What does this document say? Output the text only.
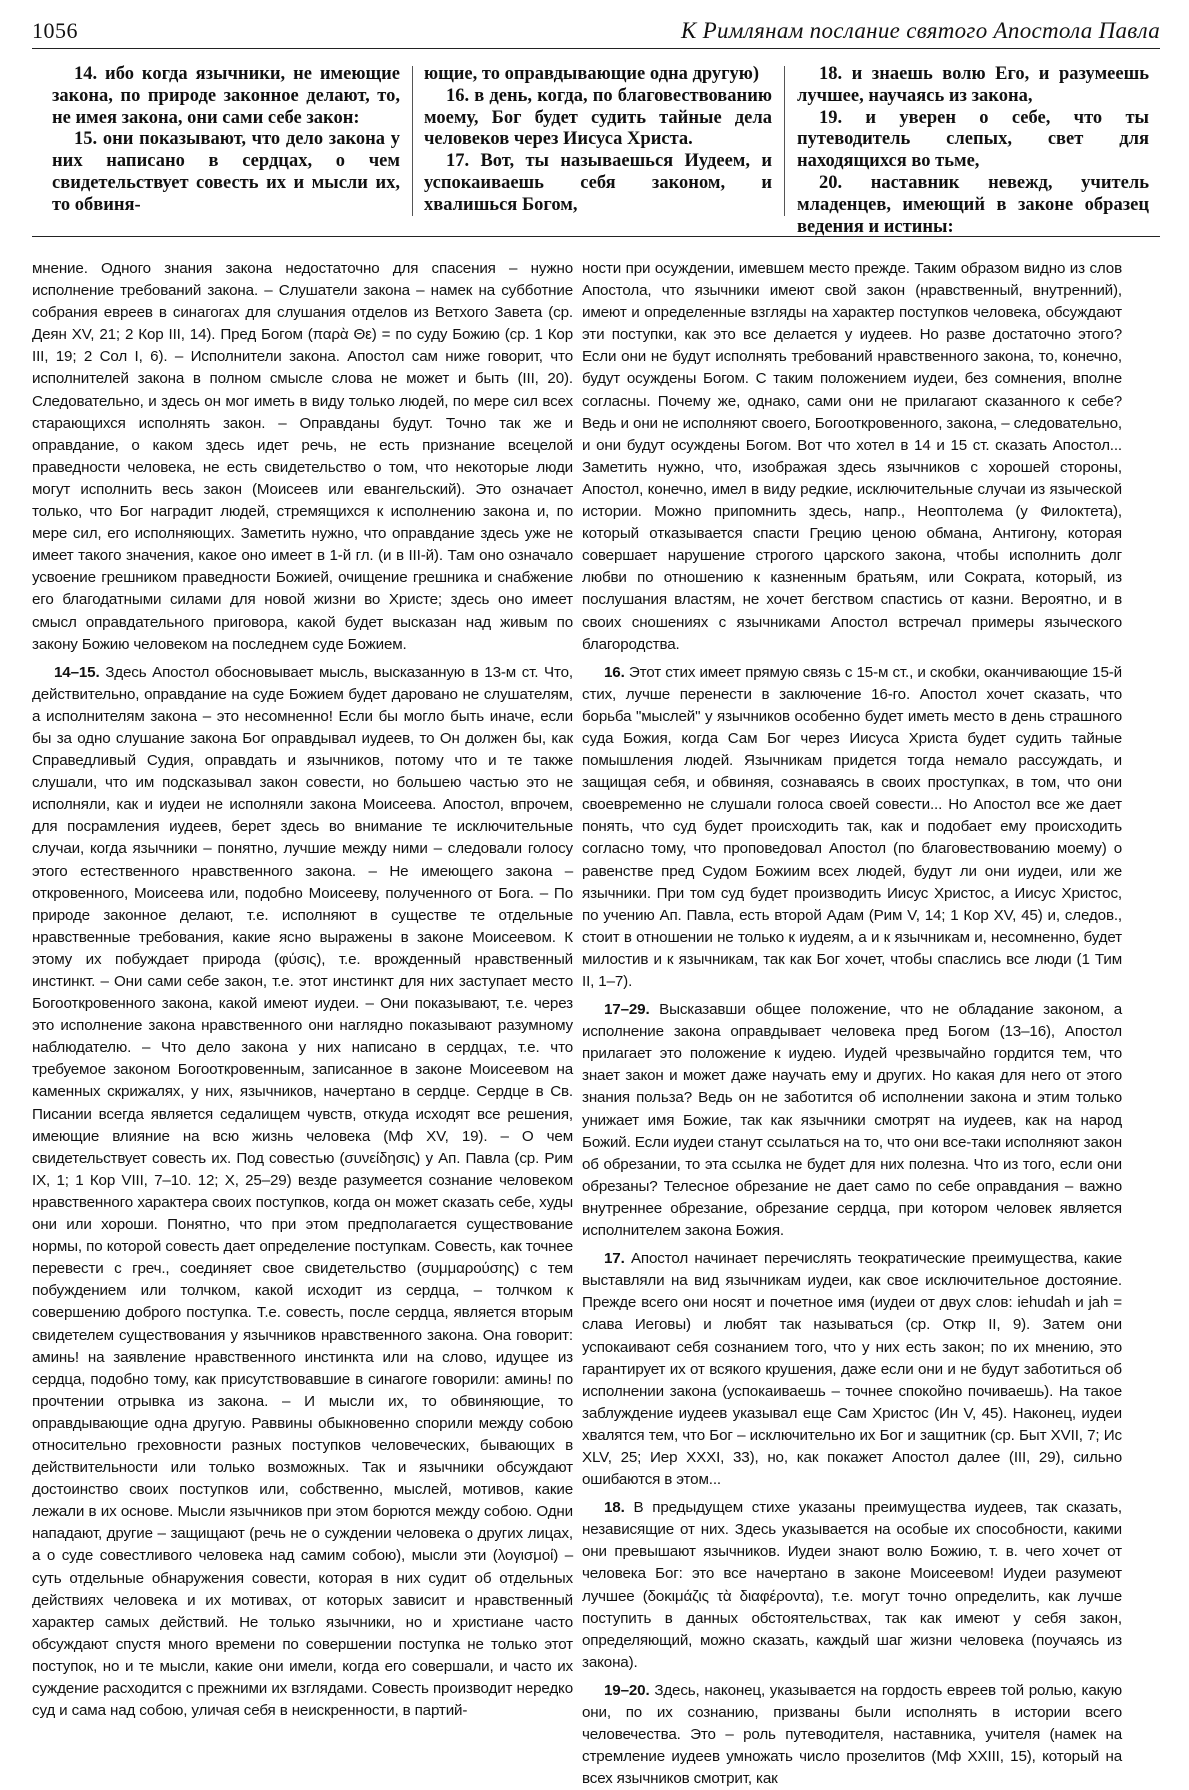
1056	К Римлянам послание святого Апостола Павла

14. ибо когда язычники, не имеющие закона, по природе законное делают, то, не имея закона, они сами себе закон:

15. они показывают, что дело закона у них написано в сердцах, о чем свидетельствует совесть их и мысли их, то обвиня-

ющие, то оправдывающие одна другую)

16. в день, когда, по благовествованию моему, Бог будет судить тайные дела человеков через Иисуса Христа.

17. Вот, ты называешься Иудеем, и успокаиваешь себя законом, и хвалишься Богом,

18. и знаешь волю Его, и разумеешь лучшее, научаясь из закона,

19. и уверен о себе, что ты путеводитель слепых, свет для находящихся во тьме,

20. наставник невежд, учитель младенцев, имеющий в законе образец ведения и истины:

мнение. Одного знания закона недостаточно для спасения – нужно исполнение требований закона. – Слушатели закона – намек на субботние собрания евреев в синагогах для слушания отделов из Ветхого Завета (ср. Деян XV, 21; 2 Кор III, 14). Пред Богом (παρὰ Θε) = по суду Божию (ср. 1 Кор III, 19; 2 Сол I, 6). – Исполнители закона. Апостол сам ниже говорит, что исполнителей закона в полном смысле слова не может и быть (III, 20). Следовательно, и здесь он мог иметь в виду только людей, по мере сил всех старающихся исполнять закон. – Оправданы будут. Точно так же и оправдание, о каком здесь идет речь, не есть признание всецелой праведности человека, не есть свидетельство о том, что некоторые люди могут исполнить весь закон (Моисеев или евангельский). Это означает только, что Бог наградит людей, стремящихся к исполнению закона и, по мере сил, его исполняющих. Заметить нужно, что оправдание здесь уже не имеет такого значения, какое оно имеет в 1-й гл. (и в III-й). Там оно означало усвоение грешником праведности Божией, очищение грешника и снабжение его благодатными силами для новой жизни во Христе; здесь оно имеет смысл оправдательного приговора, какой будет высказан над живым по закону Божию человеком на последнем суде Божием.

14–15. Здесь Апостол обосновывает мысль, высказанную в 13-м ст. Что, действительно, оправдание на суде Божием будет даровано не слушателям, а исполнителям закона – это несомненно! Если бы могло быть иначе, если бы за одно слушание закона Бог оправдывал иудеев, то Он должен бы, как Справедливый Судия, оправдать и язычников, потому что и те также слушали, что им подсказывал закон совести, но большею частью это не исполняли, как и иудеи не исполняли закона Моисеева. Апостол, впрочем, для посрамления иудеев, берет здесь во внимание те исключительные случаи, когда язычники – понятно, лучшие между ними – следовали голосу этого естественного нравственного закона. – Не имеющего закона – откровенного, Моисеева или, подобно Моисееву, полученного от Бога. – По природе законное делают, т.е. исполняют в существе те отдельные нравственные требования, какие ясно выражены в законе Моисеевом. К этому их побуждает природа (φύσις), т.е. врожденный нравственный инстинкт. – Они сами себе закон, т.е. этот инстинкт для них заступает место Богооткровенного закона, какой имеют иудеи. – Они показывают, т.е. через это исполнение закона нравственного они наглядно показывают разумному наблюдателю. – Что дело закона у них написано в сердцах, т.е. что требуемое законом Богооткровенным, записанное в законе Моисеевом на каменных скрижалях, у них, язычников, начертано в сердце. Сердце в Св. Писании всегда является седалищем чувств, откуда исходят все решения, имеющие влияние на всю жизнь человека (Мф XV, 19). – О чем свидетельствует совесть их. Под совестью (συνείδησις) у Ап. Павла (ср. Рим IX, 1; 1 Кор VIII, 7–10. 12; X, 25–29) везде разумеется сознание человеком нравственного характера своих поступков, когда он может сказать себе, худы они или хороши. Понятно, что при этом предполагается существование нормы, по которой совесть дает определение поступкам. Совесть, как точнее перевести с греч., соединяет свое свидетельство (συμμαρούσης) с тем побуждением или толчком, какой исходит из сердца, – толчком к совершению доброго поступка. Т.е. совесть, после сердца, является вторым свидетелем существования у язычников нравственного закона. Она говорит: аминь! на заявление нравственного инстинкта или на слово, идущее из сердца, подобно тому, как присутствовавшие в синагоге говорили: аминь! по прочтении отрывка из закона. – И мысли их, то обвиняющие, то оправдывающие одна другую. Раввины обыкновенно спорили между собою относительно греховности разных поступков человеческих, бывающих в действительности или только возможных. Так и язычники обсуждают достоинство своих поступков или, собственно, мыслей, мотивов, какие лежали в их основе. Мысли язычников при этом борются между собою. Одни нападают, другие – защищают (речь не о суждении человека о других лицах, а о суде совестливого человека над самим собою), мысли эти (λογισμοί) – суть отдельные обнаружения совести, которая в них судит об отдельных действиях человека и их мотивах, от которых зависит и нравственный характер самых действий. Не только язычники, но и христиане часто обсуждают спустя много времени по совершении поступка не только этот поступок, но и те мысли, какие они имели, когда его совершали, и часто их суждение расходится с прежними их взглядами. Совесть производит нередко суд и сама над собою, уличая себя в неискренности, в партий-

ности при осуждении, имевшем место прежде. Таким образом видно из слов Апостола, что язычники имеют свой закон (нравственный, внутренний), имеют и определенные взгляды на характер поступков человека, обсуждают эти поступки, как это все делается у иудеев. Но разве достаточно этого? Если они не будут исполнять требований нравственного закона, то, конечно, будут осуждены Богом. С таким положением иудеи, без сомнения, вполне согласны. Почему же, однако, сами они не прилагают сказанного к себе? Ведь и они не исполняют своего, Богооткровенного, закона, – следовательно, и они будут осуждены Богом. Вот что хотел в 14 и 15 ст. сказать Апостол... Заметить нужно, что, изображая здесь язычников с хорошей стороны, Апостол, конечно, имел в виду редкие, исключительные случаи из языческой истории. Можно припомнить здесь, напр., Неоптолема (у Филоктета), который отказывается спасти Грецию ценою обмана, Антигону, которая совершает нарушение строгого царского закона, чтобы исполнить долг любви по отношению к казненным братьям, или Сократа, который, из послушания властям, не хочет бегством спастись от казни. Вероятно, и в своих сношениях с язычниками Апостол встречал примеры языческого благородства.

16. Этот стих имеет прямую связь с 15-м ст., и скобки, оканчивающие 15-й стих, лучше перенести в заключение 16-го. Апостол хочет сказать, что борьба "мыслей" у язычников особенно будет иметь место в день страшного суда Божия, когда Сам Бог через Иисуса Христа будет судить тайные помышления людей. Язычникам придется тогда немало рассуждать, и защищая себя, и обвиняя, сознаваясь в своих проступках, в том, что они своевременно не слушали голоса своей совести... Но Апостол все же дает понять, что суд будет происходить так, как и подобает ему происходить согласно тому, что проповедовал Апостол (по благовествованию моему) о равенстве пред Судом Божиим всех людей, будут ли они иудеи, или же язычники. При том суд будет производить Иисус Христос, а Иисус Христос, по учению Ап. Павла, есть второй Адам (Рим V, 14; 1 Кор XV, 45) и, следов., стоит в отношении не только к иудеям, а и к язычникам и, несомненно, будет милостив и к язычникам, так как Бог хочет, чтобы спаслись все люди (1 Тим II, 1–7).

17–29. Высказавши общее положение, что не обладание законом, а исполнение закона оправдывает человека пред Богом (13–16), Апостол прилагает это положение к иудею. Иудей чрезвычайно гордится тем, что знает закон и может даже научать ему и других. Но какая для него от этого знания польза? Ведь он не заботится об исполнении закона и этим только унижает имя Божие, так как язычники смотрят на иудеев, как на народ Божий. Если иудеи станут ссылаться на то, что они все-таки исполняют закон об обрезании, то эта ссылка не будет для них полезна. Что из того, если они обрезаны? Телесное обрезание не дает само по себе оправдания – важно внутреннее обрезание, обрезание сердца, при котором человек является исполнителем закона Божия.

17. Апостол начинает перечислять теократические преимущества, какие выставляли на вид язычникам иудеи, как свое исключительное достояние. Прежде всего они носят и почетное имя (иудеи от двух слов: iehudah и jah = слава Иеговы) и любят так называться (ср. Откр II, 9). Затем они успокаивают себя сознанием того, что у них есть закон; по их мнению, это гарантирует их от всякого крушения, даже если они и не будут заботиться об исполнении закона (успокаиваешь – точнее спокойно почиваешь). На такое заблуждение иудеев указывал еще Сам Христос (Ин V, 45). Наконец, иудеи хвалятся тем, что Бог – исключительно их Бог и защитник (ср. Быт XVII, 7; Ис XLV, 25; Иер XXXI, 33), но, как покажет Апостол далее (III, 29), сильно ошибаются в этом...

18. В предыдущем стихе указаны преимущества иудеев, так сказать, независящие от них. Здесь указывается на особые их способности, какими они превышают язычников. Иудеи знают волю Божию, т. в. чего хочет от человека Бог: это все начертано в законе Моисеевом! Иудеи разумеют лучшее (δοκιμάζις τὰ διαφέροντα), т.е. могут точно определить, как лучше поступить в данных обстоятельствах, так как имеют у себя закон, определяющий, можно сказать, каждый шаг жизни человека (поучаясь из закона).

19–20. Здесь, наконец, указывается на гордость евреев той ролью, какую они, по их сознанию, призваны были исполнять в истории всего человечества. Это – роль путеводителя, наставника, учителя (намек на стремление иудеев умножать число прозелитов (Мф XXIII, 15), который на всех язычников смотрит, как
